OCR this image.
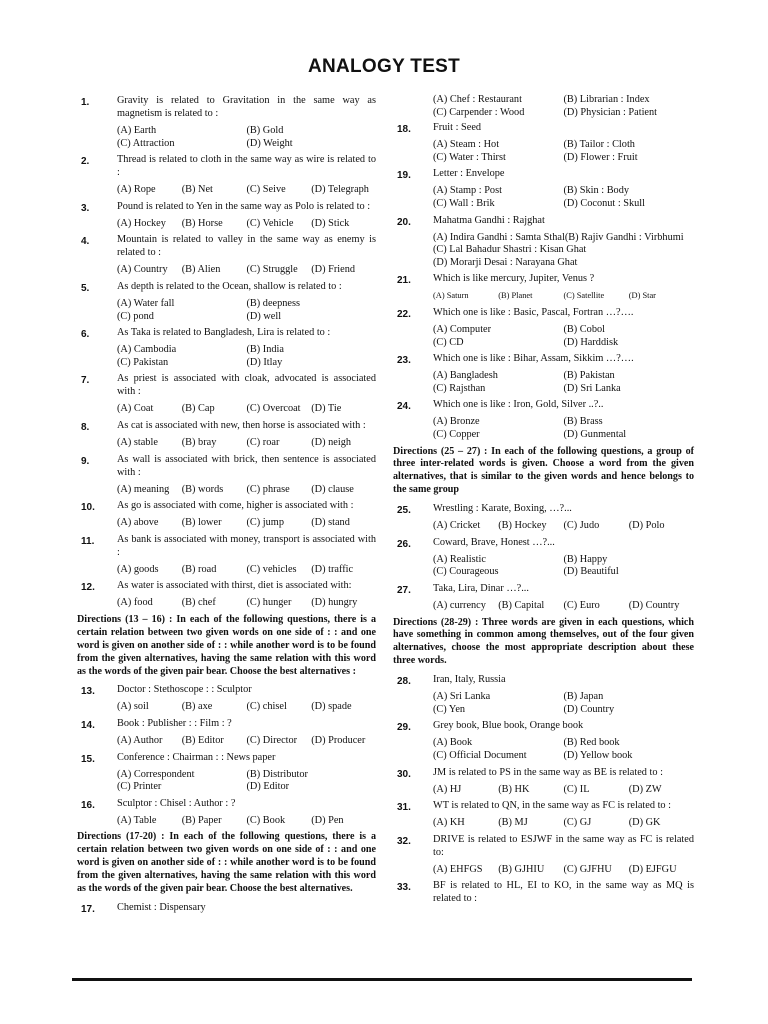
ANALOGY TEST
1.	Gravity is related to Gravitation in the same way as magnetism is related to :
(A) Earth	(B) Gold
(C) Attraction	(D) Weight
2.	Thread is related to cloth in the same way as wire is related to :
(A) Rope	(B) Net	(C) Seive	(D) Telegraph
3.	Pound is related to Yen in the same way as Polo is related to :
(A) Hockey	(B) Horse	(C) Vehicle	(D) Stick
4.	Mountain is related to valley in the same way as enemy is related to :
(A) Country	(B) Alien	(C) Struggle	(D) Friend
5.	As depth is related to the Ocean, shallow is related to :
(A) Water fall	(B) deepness
(C) pond	(D) well
6.	As Taka is related to Bangladesh, Lira is related to :
(A) Cambodia	(B) India
(C) Pakistan	(D) Itlay
7.	As priest is associated with cloak, advocated is associated with :
(A) Coat	(B) Cap	(C) Overcoat	(D) Tie
8.	As cat is associated with new, then horse is associated with :
(A) stable	(B) bray	(C) roar	(D) neigh
9.	As wall is associated with brick, then sentence is associated with :
(A) meaning	(B) words	(C) phrase	(D) clause
10. As go is associated with come, higher is associated with :
(A) above	(B) lower	(C) jump	(D) stand
11. As bank is associated with money, transport is associated with :
(A) goods	(B) road	(C) vehicles	(D) traffic
12. As water is associated with thirst, diet is associated with:
(A) food	(B) chef	(C) hunger	(D) hungry
Directions (13 – 16) : In each of the following questions, there is a certain relation between two given words on one side of : : and one word is given on another side of : : while another word is to be found from the given alternatives, having the same relation with this word as the words of the given pair bear. Choose the best alternatives :
13. Doctor : Stethoscope : : Sculptor
(A) soil	(B) axe	(C) chisel	(D) spade
14. Book : Publisher : : Film : ?
(A) Author	(B) Editor	(C) Director	(D) Producer
15. Conference : Chairman : : News paper
(A) Correspondent	(B) Distributor
(C) Printer	(D) Editor
16. Sculptor : Chisel : Author : ?
(A) Table	(B) Paper	(C) Book	(D) Pen
Directions (17-20) : In each of the following questions, there is a certain relation between two given words on one side of : : and one word is given on another side of : : while another word is to be found from the given alternatives, having the same relation with this word as the words of the given pair bear. Choose the best alternatives.
17. Chemist : Dispensary
(A) Chef : Restaurant	(B) Librarian : Index
(C) Carpender : Wood	(D) Physician : Patient
18. Fruit : Seed
(A) Steam : Hot	(B) Tailor : Cloth
(C) Water : Thirst	(D) Flower : Fruit
19. Letter : Envelope
(A) Stamp : Post	(B) Skin : Body
(C) Wall : Brik	(D) Coconut : Skull
20. Mahatma Gandhi : Rajghat
(A) Indira Gandhi : Samta Sthal (B) Rajiv Gandhi : Virbhumi
(C) Lal Bahadur Shastri : Kisan Ghat
(D) Morarji Desai : Narayana Ghat
21. Which is like mercury, Jupiter, Venus ?
(A) Saturn	(B) Planet	(C) Satellite	(D) Star
22. Which one is like : Basic, Pascal, Fortran …?….
(A) Computer	(B) Cobol
(C) CD	(D) Harddisk
23. Which one is like : Bihar, Assam, Sikkim …?….
(A) Bangladesh	(B) Pakistan
(C) Rajsthan	(D) Sri Lanka
24. Which one is like : Iron, Gold, Silver ..?..
(A) Bronze	(B) Brass
(C) Copper	(D) Gunmental
Directions (25 – 27) : In each of the following questions, a group of three inter-related words is given. Choose a word from the given alternatives, that is similar to the given words and hence belongs to the same group
25. Wrestling : Karate, Boxing, …?...
(A) Cricket	(B) Hockey	(C) Judo	(D) Polo
26. Coward, Brave, Honest …?...
(A) Realistic	(B) Happy
(C) Courageous	(D) Beautiful
27. Taka, Lira, Dinar …?...
(A) currency	(B) Capital	(C) Euro	(D) Country
Directions (28-29) : Three words are given in each questions, which have something in common among themselves, out of the four given alternatives, choose the most appropriate description about these three words.
28. Iran, Italy, Russia
(A) Sri Lanka	(B) Japan
(C) Yen	(D) Country
29. Grey book, Blue book, Orange book
(A) Book	(B) Red book
(C) Official Document	(D) Yellow book
30. JM is related to PS in the same way as BE is related to :
(A) HJ	(B) HK	(C) IL	(D) ZW
31. WT is related to QN, in the same way as FC is related to :
(A) KH	(B) MJ	(C) GJ	(D) GK
32. DRIVE is related to ESJWF in the same way as FC is related to:
(A) EHFGS	(B) GJHIU	(C) GJFHU	(D) EJFGU
33. BF is related to HL, EI to KO, in the same way as MQ is related to :
